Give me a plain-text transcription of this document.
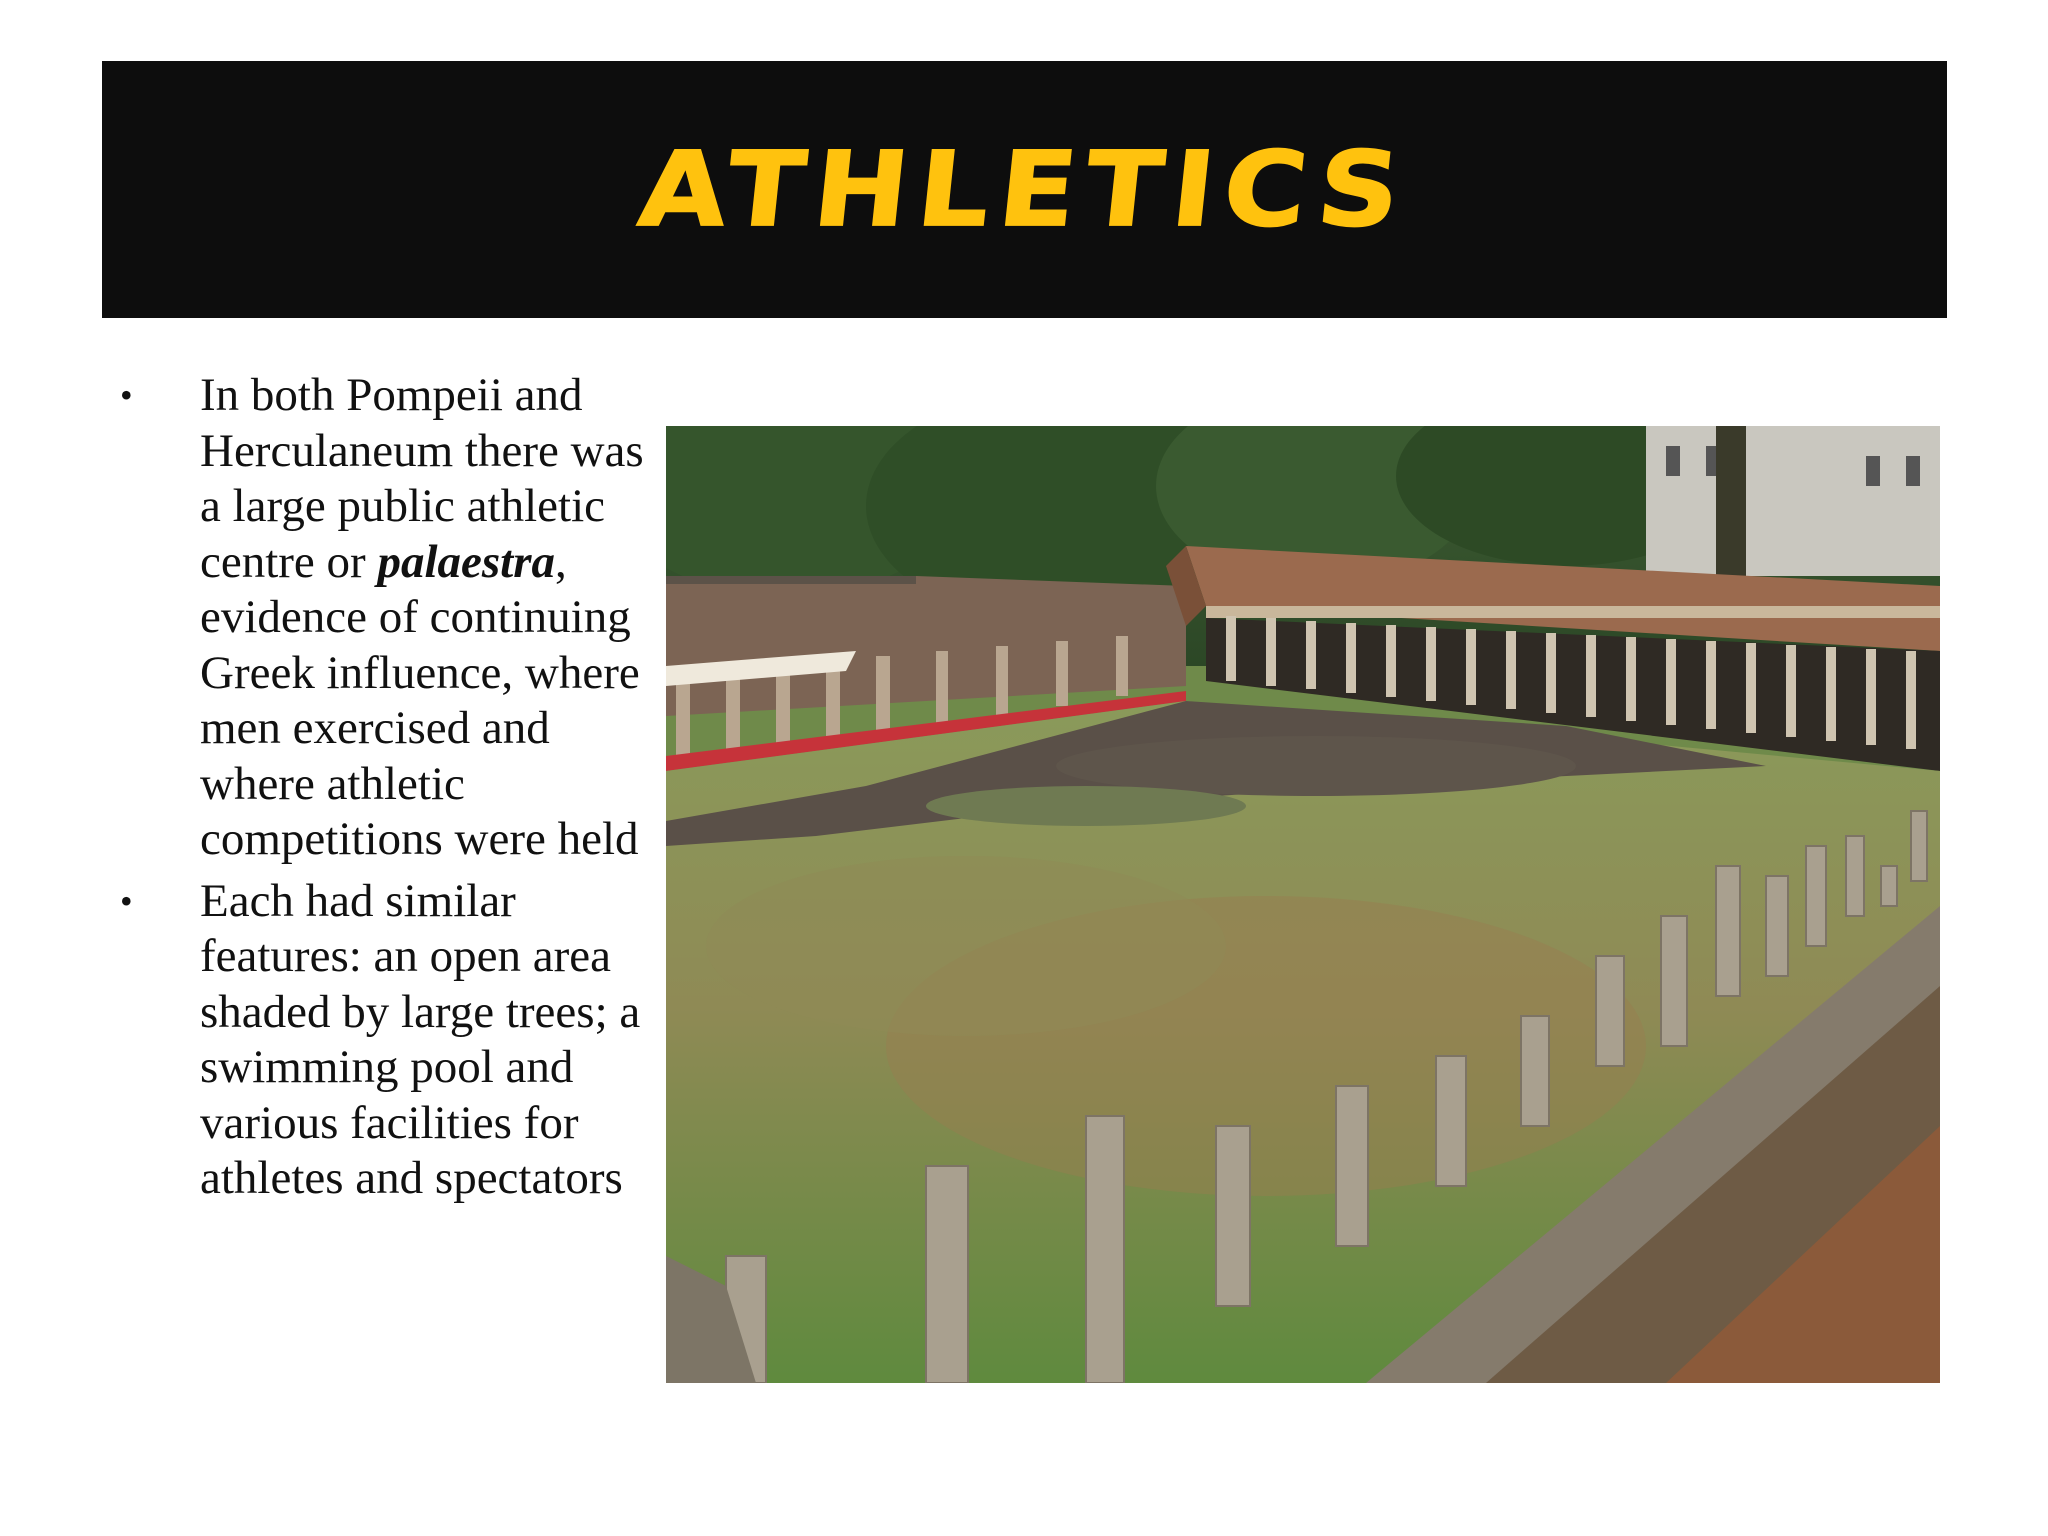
ATHLETICS
• In both Pompeii and Herculaneum there was a large public athletic centre or palaestra, evidence of continuing Greek influence, where men exercised and where athletic competitions were held
• Each had similar features: an open area shaded by large trees; a swimming pool and various facilities for athletes and spectators
